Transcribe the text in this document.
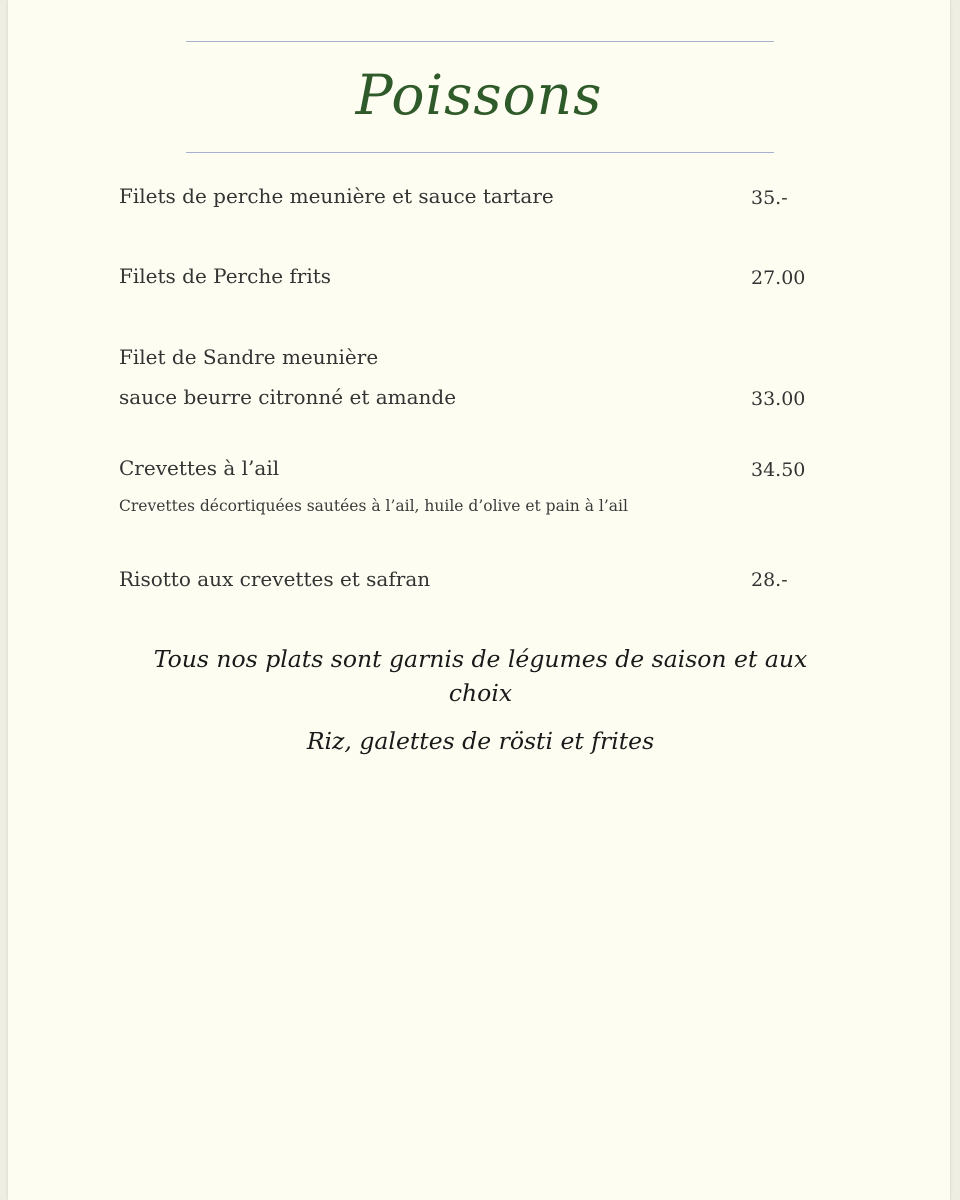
Poissons
Filets de perche meunière et sauce tartare	35.-
Filets de Perche frits	27.00
Filet de Sandre meunière
sauce beurre citronné et amande	33.00
Crevettes à l’ail	34.50
Crevettes décortiquées sautées à l’ail, huile d’olive et pain à l’ail
Risotto aux crevettes et safran	28.-
Tous nos plats sont garnis de légumes de saison et aux choix
Riz, galettes de rösti et frites
